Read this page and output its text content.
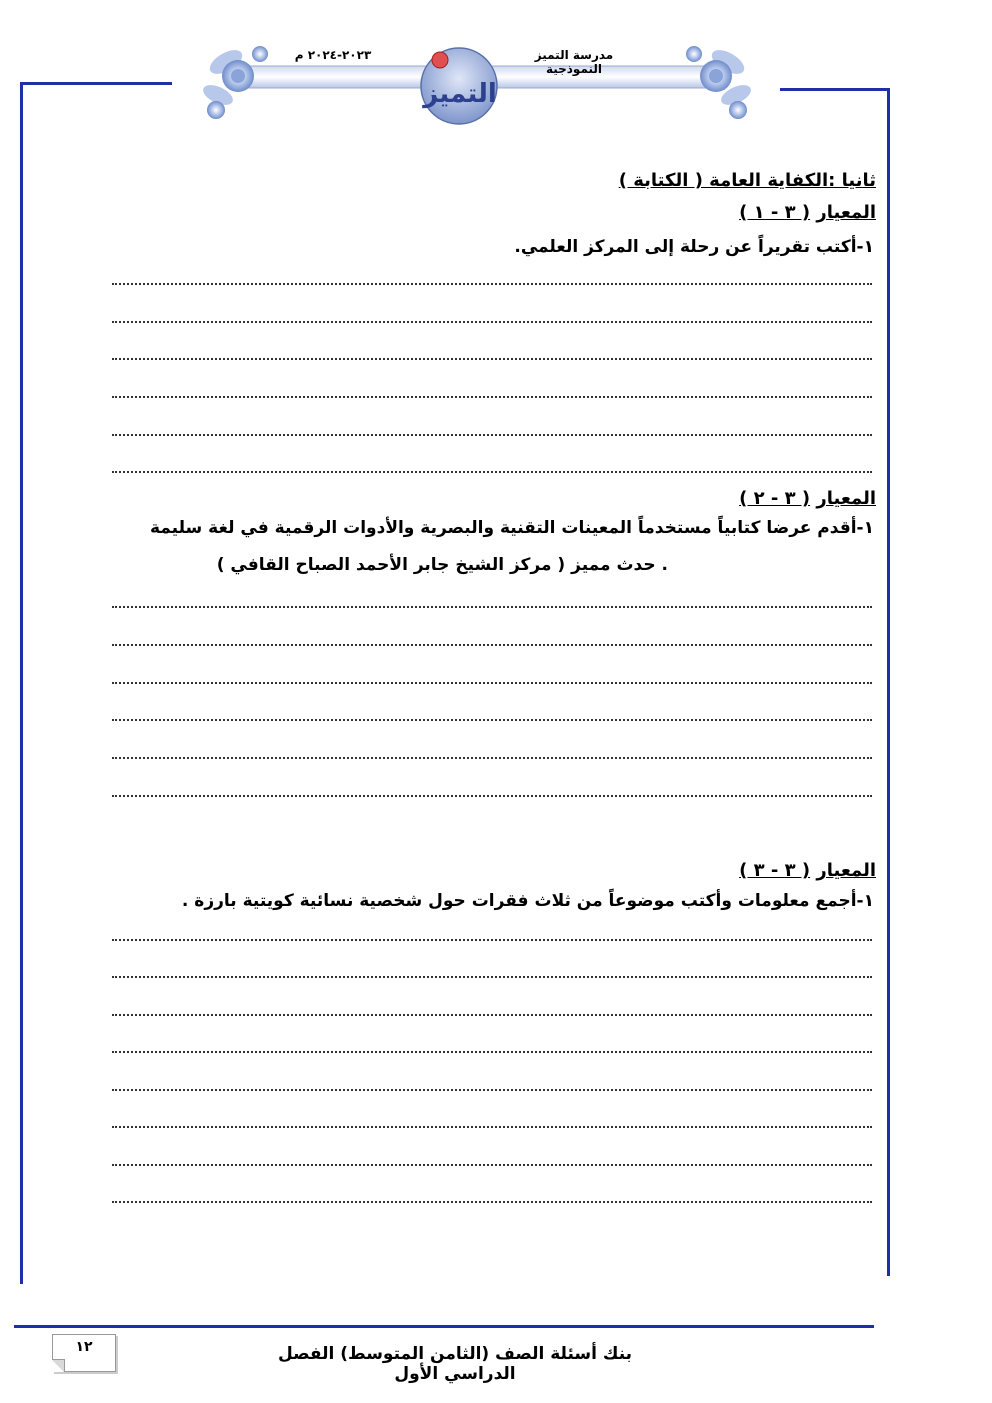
مدرسة التميز النموذجية
٢٠٢٣-٢٠٢٤ م
التميز
ثانيا :الكفاية العامة ( الكتابة )
المعيار ( ٣ - ١ )
١-أكتب تقريراً عن رحلة إلى المركز العلمي.
المعيار ( ٣ - ٢ )
١-أقدم عرضا كتابياً مستخدماً المعينات التقنية والبصرية والأدوات الرقمية في لغة سليمة
. حدث مميز ( مركز الشيخ جابر الأحمد الصباح القافي )
المعيار ( ٣ - ٣ )
١-أجمع معلومات وأكتب موضوعاً من ثلاث فقرات حول شخصية نسائية كويتية بارزة .
١٢	بنك أسئلة الصف (الثامن المتوسط) الفصل الدراسي الأول
